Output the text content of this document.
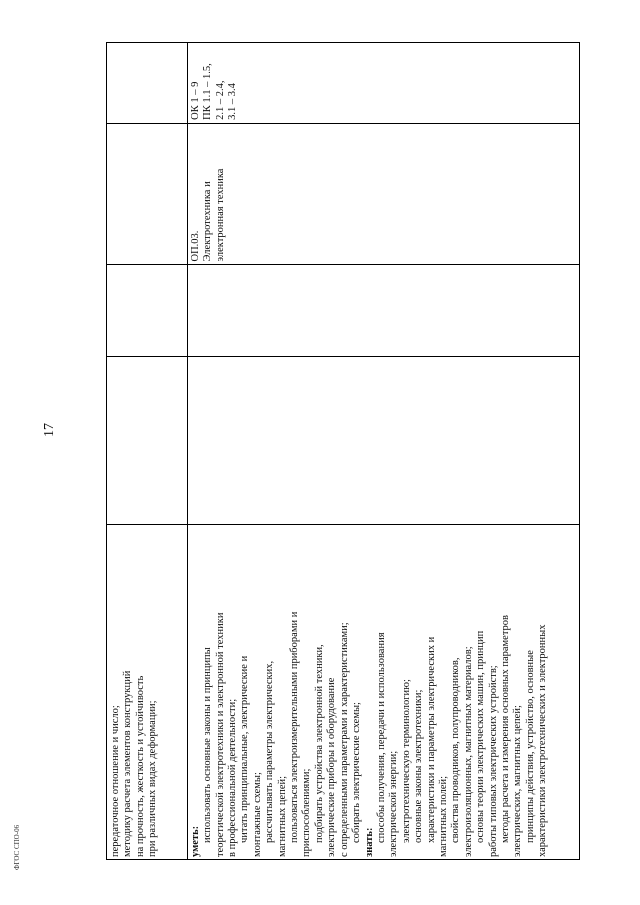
17
передаточное отношение и число; методику расчета элементов конструкций на прочность, жесткость и устойчивость при различных видах деформации;	уметь: использовать основные законы и принципы теоретической электротехники и электронной техники в профессиональной деятельности; читать принципиальные, электрические и монтажные схемы; рассчитывать параметры электрических, магнитных цепей; пользоваться электроизмерительными приборами и приспособлениями; подбирать устройства электронной техники, электрические приборы и оборудование с определенными параметрами и характеристиками; собирать электрические схемы; знать: способы получения, передачи и использования электрической энергии; электротехническую терминологию; основные законы электротехники; характеристики и параметры электрических и магнитных полей; свойства проводников, полупроводников, электроизоляционных, магнитных материалов; основы теории электрических машин, принцип работы типовых электрических устройств; методы расчета и измерения основных параметров электрических, магнитных цепей; принципы действия, устройство, основные характеристики электротехнических и электронных
ОП.03. Электротехника и электронная техника
ОК 1 – 9 ПК 1.1 – 1.5, 2.1 – 2.4, 3.1 – 3.4
ФГОС СПО-06
